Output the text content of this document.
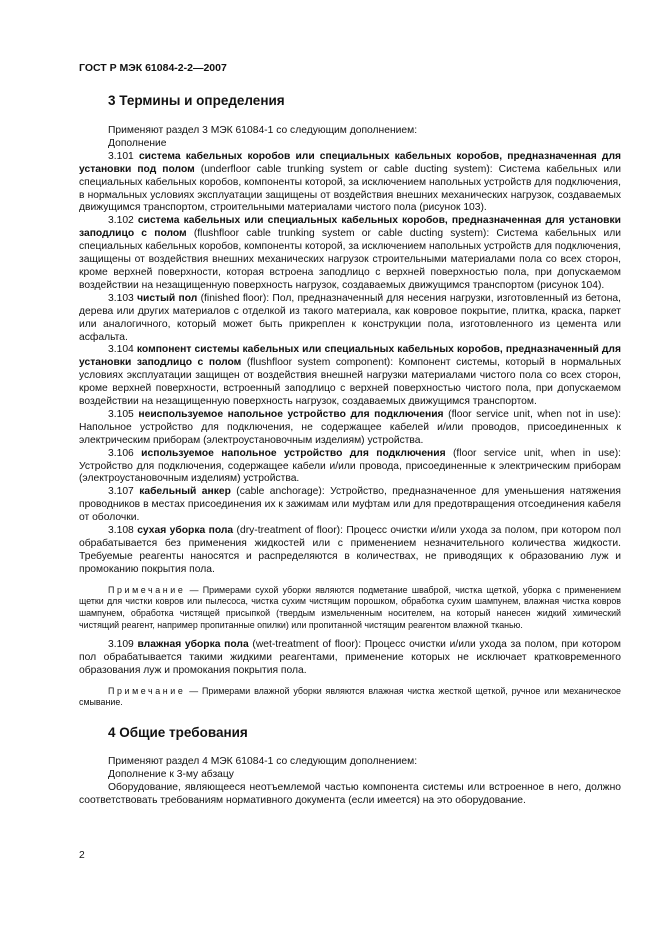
ГОСТ Р МЭК 61084-2-2—2007
3 Термины и определения

Применяют раздел 3 МЭК 61084-1 со следующим дополнением:

Дополнение

3.101 система кабельных коробов или специальных кабельных коробов, предназначенная для установки под полом (underfloor cable trunking system or cable ducting system): Система кабельных или специальных кабельных коробов, компоненты которой, за исключением напольных устройств для подключения, в нормальных условиях эксплуатации защищены от воздействия внешних механических нагрузок, создаваемых движущимся транспортом, строительными материалами чистого пола (рисунок 103).

3.102 система кабельных или специальных кабельных коробов, предназначенная для установки заподлицо с полом (flushfloor cable trunking system or cable ducting system): Система кабельных или специальных кабельных коробов, компоненты которой, за исключением напольных устройств для подключения, защищены от воздействия внешних механических нагрузок строительными материалами пола со всех сторон, кроме верхней поверхности, которая встроена заподлицо с верхней поверхностью пола, при допускаемом воздействии на незащищенную поверхность нагрузок, создаваемых движущимся транспортом (рисунок 104).

3.103 чистый пол (finished floor): Пол, предназначенный для несения нагрузки, изготовленный из бетона, дерева или других материалов с отделкой из такого материала, как ковровое покрытие, плитка, краска, паркет или аналогичного, который может быть прикреплен к конструкции пола, изготовленного из цемента или асфальта.

3.104 компонент системы кабельных или специальных кабельных коробов, предназначенный для установки заподлицо с полом (flushfloor system component): Компонент системы, который в нормальных условиях эксплуатации защищен от воздействия внешней нагрузки материалами чистого пола со всех сторон, кроме верхней поверхности, встроенный заподлицо с верхней поверхностью чистого пола, при допускаемом воздействии на незащищенную поверхность нагрузок, создаваемых движущимся транспортом.

3.105 неиспользуемое напольное устройство для подключения (floor service unit, when not in use): Напольное устройство для подключения, не содержащее кабелей и/или проводов, присоединенных к электрическим приборам (электроустановочным изделиям) устройства.

3.106 используемое напольное устройство для подключения (floor service unit, when in use): Устройство для подключения, содержащее кабели и/или провода, присоединенные к электрическим приборам (электроустановочным изделиям) устройства.

3.107 кабельный анкер (cable anchorage): Устройство, предназначенное для уменьшения натяжения проводников в местах присоединения их к зажимам или муфтам или для предотвращения отсоединения кабеля от оболочки.

3.108 сухая уборка пола (dry-treatment of floor): Процесс очистки и/или ухода за полом, при котором пол обрабатывается без применения жидкостей или с применением незначительного количества жидкости. Требуемые реагенты наносятся и распределяются в количествах, не приводящих к образованию луж и промоканию покрытия пола.

Примечание — Примерами сухой уборки являются подметание шваброй, чистка щеткой, уборка с применением щетки для чистки ковров или пылесоса, чистка сухим чистящим порошком, обработка сухим шампунем, влажная чистка ковров шампунем, обработка чистящей присыпкой (твердым измельченным носителем, на который нанесен жидкий химический чистящий реагент, например пропитанные опилки) или пропитанной чистящим реагентом влажной тканью.

3.109 влажная уборка пола (wet-treatment of floor): Процесс очистки и/или ухода за полом, при котором пол обрабатывается такими жидкими реагентами, применение которых не исключает кратковременного образования луж и промокания покрытия пола.

Примечание — Примерами влажной уборки являются влажная чистка жесткой щеткой, ручное или механическое смывание.

4 Общие требования

Применяют раздел 4 МЭК 61084-1 со следующим дополнением:

Дополнение к 3-му абзацу

Оборудование, являющееся неотъемлемой частью компонента системы или встроенное в него, должно соответствовать требованиям нормативного документа (если имеется) на это оборудование.

2
